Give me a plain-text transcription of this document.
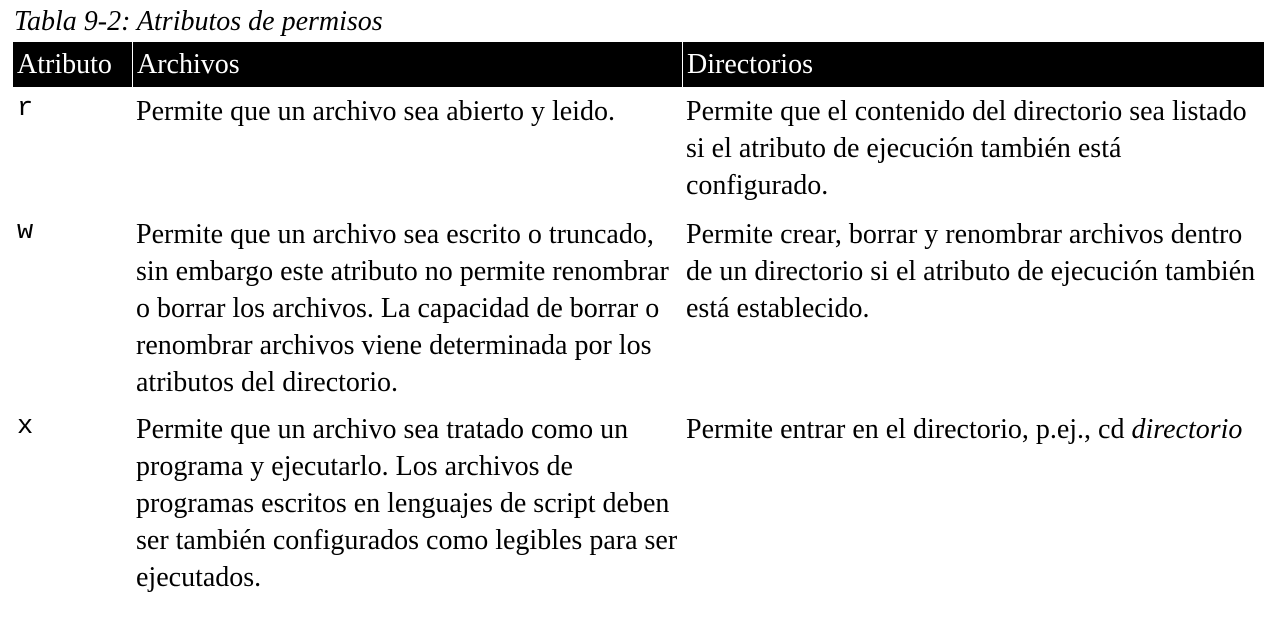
Tabla 9-2: Atributos de permisos
Atributo	Archivos	Directorios
r	Permite que un archivo sea abierto y leido.	Permite que el contenido del directorio sea listado si el atributo de ejecución también está configurado.
w	Permite que un archivo sea escrito o truncado, sin embargo este atributo no permite renombrar o borrar los archivos. La capacidad de borrar o renombrar archivos viene determinada por los atributos del directorio.	Permite crear, borrar y renombrar archivos dentro de un directorio si el atributo de ejecución también está establecido.
x	Permite que un archivo sea tratado como un programa y ejecutarlo. Los archivos de programas escritos en lenguajes de script deben ser también configurados como legibles para ser ejecutados.	Permite entrar en el directorio, p.ej., cd directorio
